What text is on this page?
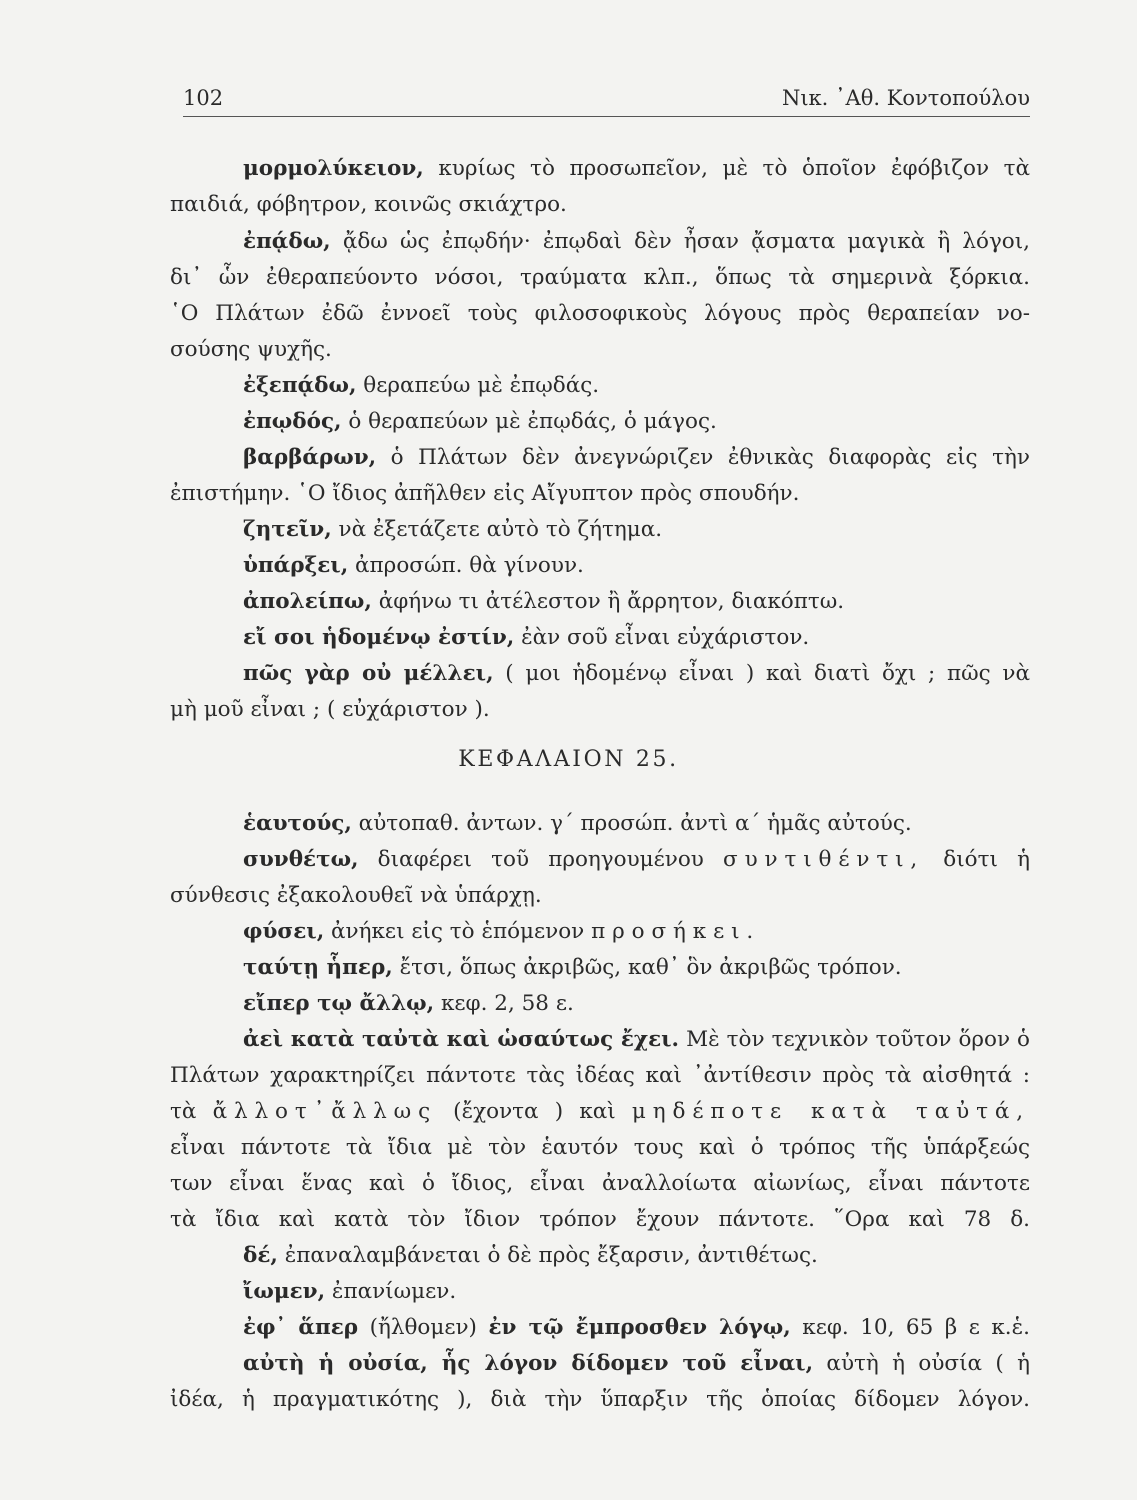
102	Νικ. ᾿Αθ. Κοντοπούλου
μορμολύκειον, κυρίως τὸ προσωπεῖον, μὲ τὸ ὁποῖον ἐφόβιζον τὰ
παιδιά, φόβητρον, κοινῶς σκιάχτρο.
ἐπᾴδω, ᾄδω ὡς ἐπῳδήν· ἐπῳδαὶ δὲν ἦσαν ᾄσματα μαγικὰ ἢ λόγοι,
δι᾿ ὧν ἐθεραπεύοντο νόσοι, τραύματα κλπ., ὅπως τὰ σημερινὰ ξόρκια.
῾Ο Πλάτων ἐδῶ ἐννοεῖ τοὺς φιλοσοφικοὺς λόγους πρὸς θεραπείαν νο-
σούσης ψυχῆς.
ἐξεπᾴδω, θεραπεύω μὲ ἐπῳδάς.
ἐπῳδός, ὁ θεραπεύων μὲ ἐπῳδάς, ὁ μάγος.
βαρβάρων, ὁ Πλάτων δὲν ἀνεγνώριζεν ἐθνικὰς διαφορὰς εἰς τὴν
ἐπιστήμην. ῾Ο ἴδιος ἀπῆλθεν εἰς Αἴγυπτον πρὸς σπουδήν.
ζητεῖν, νὰ ἐξετάζετε αὐτὸ τὸ ζήτημα.
ὑπάρξει, ἀπροσώπ. θὰ γίνουν.
ἀπολείπω, ἀφήνω τι ἀτέλεστον ἢ ἄρρητον, διακόπτω.
εἴ σοι ἡδομένῳ ἐστίν, ἐὰν σοῦ εἶναι εὐχάριστον.
πῶς γὰρ οὐ μέλλει, ( μοι ἡδομένῳ εἶναι ) καὶ διατὶ ὄχι ; πῶς νὰ
μὴ μοῦ εἶναι ; ( εὐχάριστον ).
ΚΕΦΑΛΑΙΟΝ 25.
ἑαυτούς, αὐτοπαθ. ἀντων. γ´ προσώπ. ἀντὶ α´ ἡμᾶς αὐτούς.
συνθέτω, διαφέρει τοῦ προηγουμένου συντιθέντι, διότι ἡ
σύνθεσις ἐξακολουθεῖ νὰ ὑπάρχῃ.
φύσει, ἀνήκει εἰς τὸ ἑπόμενον προσήκει.
ταύτῃ ἧπερ, ἔτσι, ὅπως ἀκριβῶς, καθ᾿ ὃν ἀκριβῶς τρόπον.
εἴπερ τῳ ἄλλῳ, κεφ. 2, 58 ε.
ἀεὶ κατὰ ταὐτὰ καὶ ὡσαύτως ἔχει. Μὲ τὸν τεχνικὸν τοῦτον ὅρον ὁ
Πλάτων χαρακτηρίζει πάντοτε τὰς ἰδέας καὶ ᾿ἀντίθεσιν πρὸς τὰ αἰσθητά :
τὰ ἄλλοτ᾿ἄλλως (ἔχοντα ) καὶ μηδέποτε κατὰ ταὐτά,
εἶναι πάντοτε τὰ ἴδια μὲ τὸν ἑαυτόν τους καὶ ὁ τρόπος τῆς ὑπάρξεώς
των εἶναι ἕνας καὶ ὁ ἴδιος, εἶναι ἀναλλοίωτα αἰωνίως, εἶναι πάντοτε
τὰ ἴδια καὶ κατὰ τὸν ἴδιον τρόπον ἔχουν πάντοτε. ῞Ορα καὶ 78 δ.
δέ, ἐπαναλαμβάνεται ὁ δὲ πρὸς ἔξαρσιν, ἀντιθέτως.
ἴωμεν, ἐπανίωμεν.
ἐφ᾿ ἅπερ (ἤλθομεν) ἐν τῷ ἔμπροσθεν λόγῳ, κεφ. 10, 65 β ε κ.ἑ.
αὐτὴ ἡ οὐσία, ἧς λόγον δίδομεν τοῦ εἶναι, αὐτὴ ἡ οὐσία ( ἡ
ἰδέα, ἡ πραγματικότης ), διὰ τὴν ὕπαρξιν τῆς ὁποίας δίδομεν λόγον.
